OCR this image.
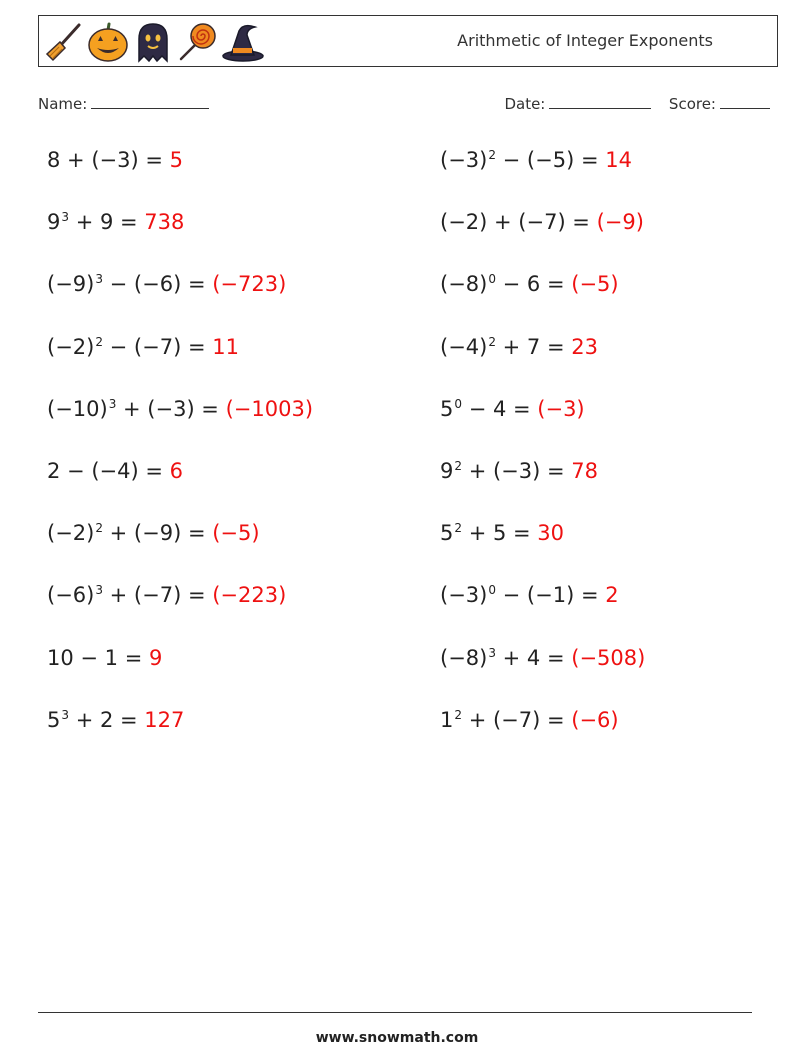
Arithmetic of Integer Exponents
Name:	Date:	Score:
8 + (−3) = 5	$(-3)^2 - (-5) = 14$
$9^3 + 9 = 738$	(−2) + (−7) = (−9)
$(-9)^3 - (-6) = (-723)$	$(-8)^0 - 6 = (-5)$
$(-2)^2 - (-7) = 11$	$(-4)^2 + 7 = 23$
$(-10)^3 + (-3) = (-1003)$	$5^0 - 4 = (-3)$
2 − (−4) = 6	$9^2 + (-3) = 78$
$(-2)^2 + (-9) = (-5)$	$5^2 + 5 = 30$
$(-6)^3 + (-7) = (-223)$	$(-3)^0 - (-1) = 2$
10 − 1 = 9	$(-8)^3 + 4 = (-508)$
$5^3 + 2 = 127$	$1^2 + (-7) = (-6)$
www.snowmath.com
